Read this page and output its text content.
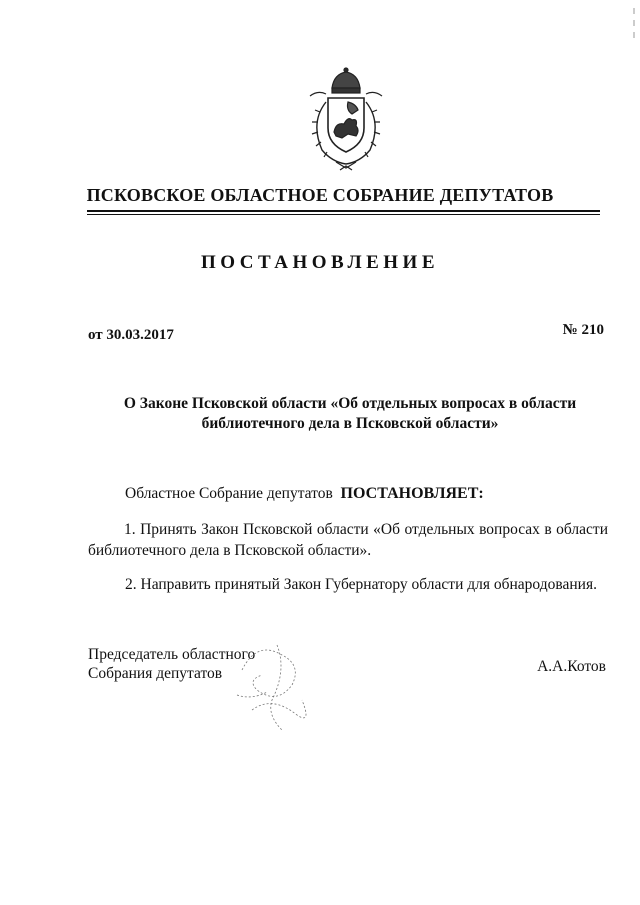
ПСКОВСКОЕ ОБЛАСТНОЕ СОБРАНИЕ ДЕПУТАТОВ
ПОСТАНОВЛЕНИЕ
от 30.03.2017	№ 210
О Законе Псковской области «Об отдельных вопросах в области
библиотечного дела в Псковской области»
Областное Собрание депутатов ПОСТАНОВЛЯЕТ:
1. Принять Закон Псковской области «Об отдельных вопросах в области библиотечного дела в Псковской области».
2. Направить принятый Закон Губернатору области для обнародования.
Председатель областного
Собрания депутатов	А.А.Котов
